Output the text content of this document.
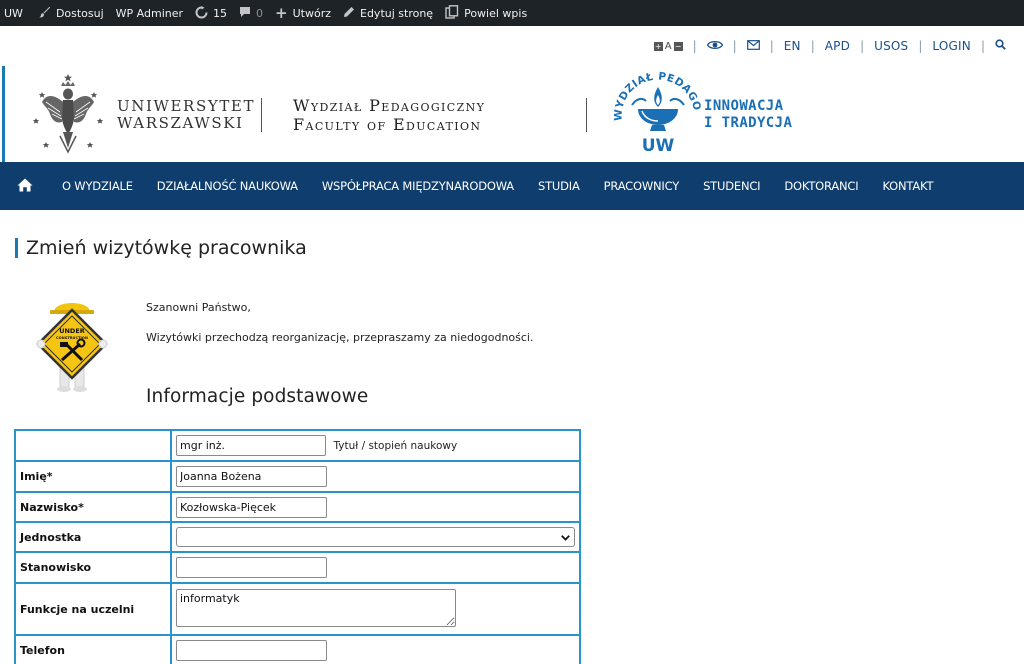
UW	Dostosuj WP Adminer	15	0 + Utwórz	Edytuj stronę	Powiel wpis
+ A − |	|	| EN | APD | USOS | LOGIN |
UNIWERSYTET
WARSZAWSKI
Wydział Pedagogiczny
Faculty of Education
WYDZIAŁ PEDAGO
UW
INNOWACJA
I TRADYCJA
O WYDZIALE	DZIAŁALNOŚĆ NAUKOWA	WSPÓŁPRACA MIĘDZYNARODOWA	STUDIA	PRACOWNICY	STUDENCI	DOKTORANCI	KONTAKT
Zmień wizytówkę pracownika
UNDER
CONSTRUCTION
Szanowni Państwo,
Wizytówki przechodzą reorganizację, przepraszamy za niedogodności.
Informacje podstawowe
	mgr inż. Tytuł / stopień naukowy
Imię*	Joanna Bożena
Nazwisko*	Kozłowska-Pięcek
Jednostka	

Stanowisko	
Funkcje na uczelni	informatyk
Telefon	
